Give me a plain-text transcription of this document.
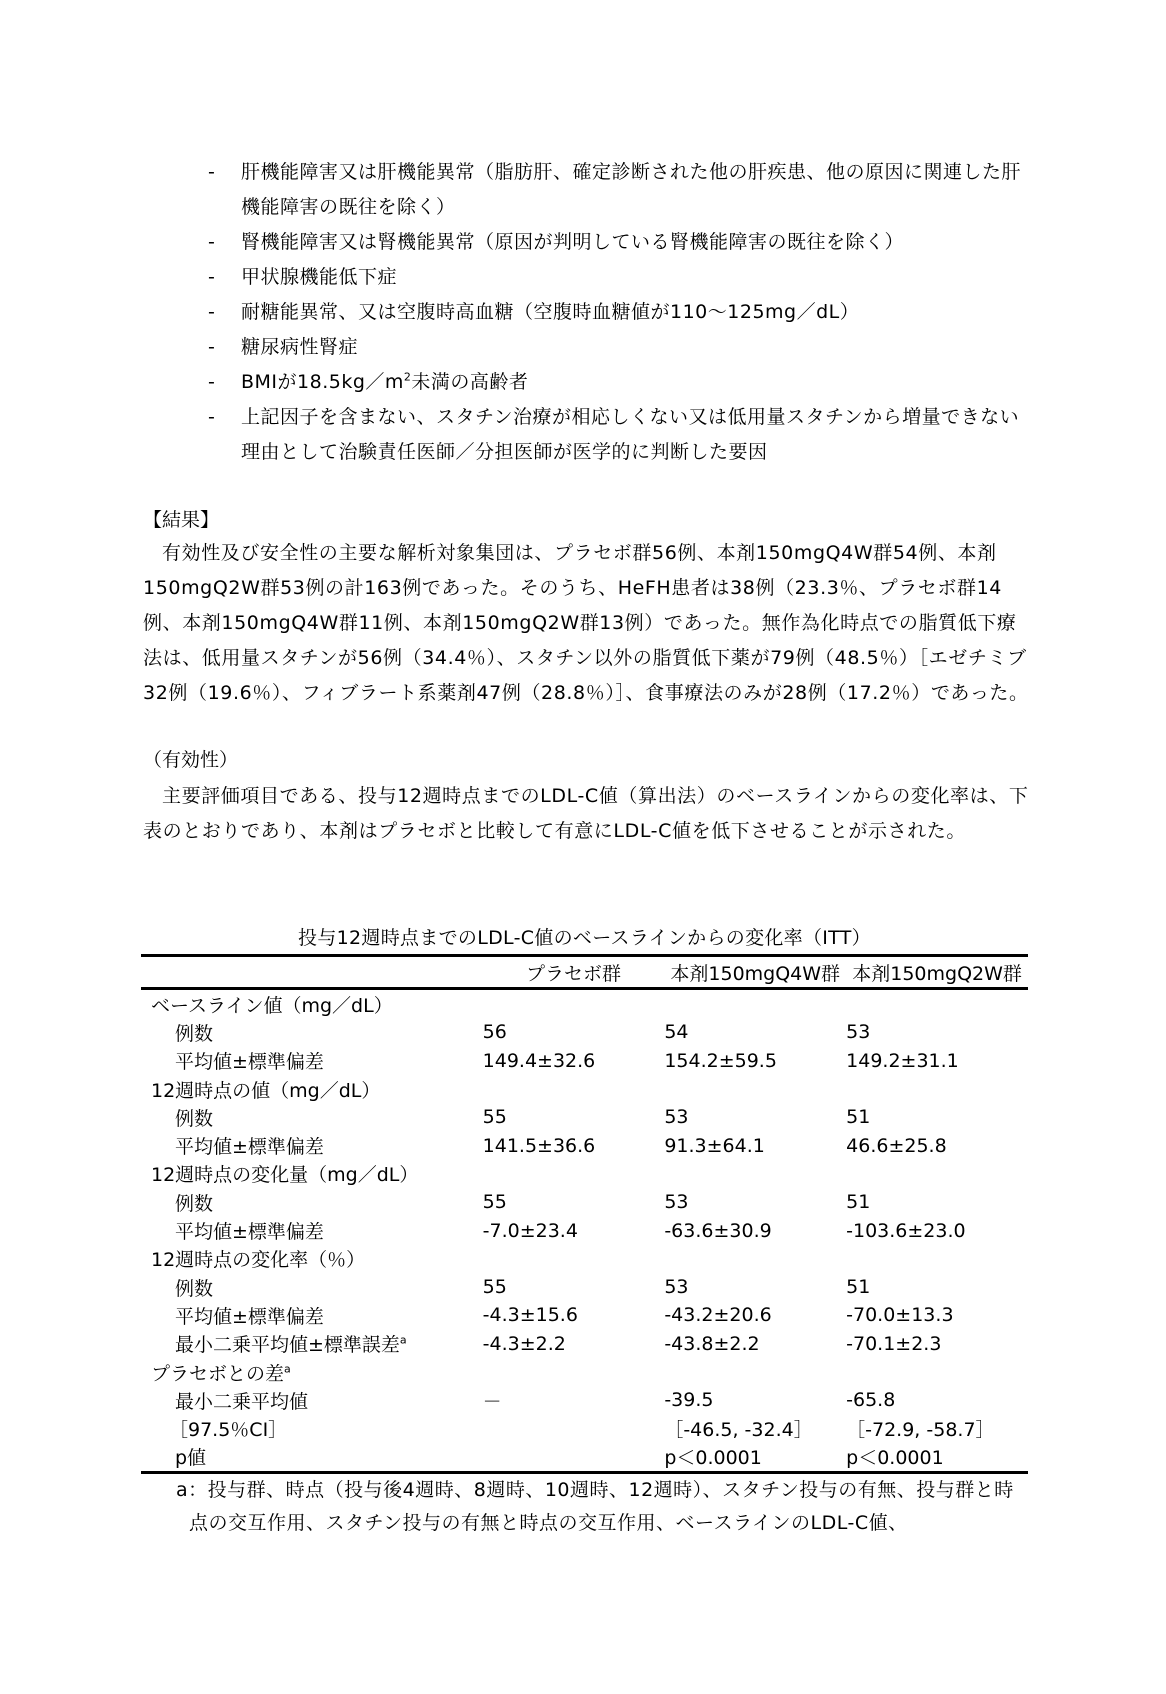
-	肝機能障害又は肝機能異常（脂肪肝、確定診断された他の肝疾患、他の原因に関連した肝機能障害の既往を除く）
-	腎機能障害又は腎機能異常（原因が判明している腎機能障害の既往を除く）
-	甲状腺機能低下症
-	耐糖能異常、又は空腹時高血糖（空腹時血糖値が110～125mg／dL）
-	糖尿病性腎症
-	BMIが$18.5kg/m^2$未満の高齢者
-	上記因子を含まない、スタチン治療が相応しくない又は低用量スタチンから増量できない理由として治験責任医師／分担医師が医学的に判断した要因
【結果】

有効性及び安全性の主要な解析対象集団は、プラセボ群56例、本剤150mgQ4W群54例、本剤150mgQ2W群53例の計163例であった。そのうち、HeFH患者は38例（23.3％、プラセボ群14例、本剤150mgQ4W群11例、本剤150mgQ2W群13例）であった。無作為化時点での脂質低下療法は、低用量スタチンが56例（34.4％）、スタチン以外の脂質低下薬が79例（48.5％）［エゼチミブ32例（19.6％）、フィブラート系薬剤47例（28.8％）］、食事療法のみが28例（17.2％）であった。

（有効性）

主要評価項目である、投与12週時点までのLDL-C値（算出法）のベースラインからの変化率は、下表のとおりであり、本剤はプラセボと比較して有意にLDL-C値を低下させることが示された。

投与12週時点までのLDL-C値のベースラインからの変化率（ITT）
	プラセボ群	本剤150mgQ4W群	本剤150mgQ2W群
ベースライン値（mg／dL）			
例数	56	54	53
平均値±標準偏差	149.4±32.6	154.2±59.5	149.2±31.1
12週時点の値（mg／dL）			
例数	55	53	51
平均値±標準偏差	141.5±36.6	91.3±64.1	46.6±25.8
12週時点の変化量（mg／dL）			
例数	55	53	51
平均値±標準偏差	-7.0±23.4	-63.6±30.9	-103.6±23.0
12週時点の変化率（％）			
例数	55	53	51
平均値±標準偏差	-4.3±15.6	-43.2±20.6	-70.0±13.3
最小二乗平均値±標準誤差$^a$	-4.3±2.2	-43.8±2.2	-70.1±2.3
プラセボとの差$^a$
最小二乗平均値	－	-39.5	-65.8
［97.5％CI］		［-46.5, -32.4］	［-72.9, -58.7］
p値		p＜0.0001	p＜0.0001

a：投与群、時点（投与後4週時、8週時、10週時、12週時）、スタチン投与の有無、投与群と時点の交互作用、スタチン投与の有無と時点の交互作用、ベースラインのLDL-C値、
